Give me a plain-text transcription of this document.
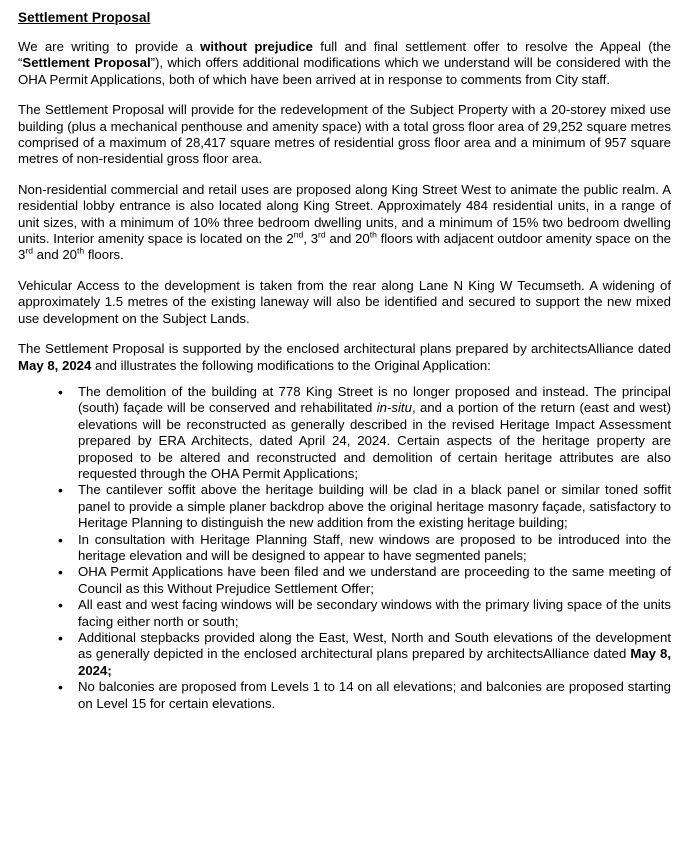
Settlement Proposal

We are writing to provide a without prejudice full and final settlement offer to resolve the Appeal (the “Settlement Proposal”), which offers additional modifications which we understand will be considered with the OHA Permit Applications, both of which have been arrived at in response to comments from City staff.

The Settlement Proposal will provide for the redevelopment of the Subject Property with a 20-storey mixed use building (plus a mechanical penthouse and amenity space) with a total gross floor area of 29,252 square metres comprised of a maximum of 28,417 square metres of residential gross floor area and a minimum of 957 square metres of non-residential gross floor area.

Non-residential commercial and retail uses are proposed along King Street West to animate the public realm. A residential lobby entrance is also located along King Street. Approximately 484 residential units, in a range of unit sizes, with a minimum of 10% three bedroom dwelling units, and a minimum of 15% two bedroom dwelling units. Interior amenity space is located on the 2nd, 3rd and 20th floors with adjacent outdoor amenity space on the 3rd and 20th floors.

Vehicular Access to the development is taken from the rear along Lane N King W Tecumseth. A widening of approximately 1.5 metres of the existing laneway will also be identified and secured to support the new mixed use development on the Subject Lands.

The Settlement Proposal is supported by the enclosed architectural plans prepared by architectsAlliance dated May 8, 2024 and illustrates the following modifications to the Original Application:

• The demolition of the building at 778 King Street is no longer proposed and instead. The principal (south) façade will be conserved and rehabilitated in-situ, and a portion of the return (east and west) elevations will be reconstructed as generally described in the revised Heritage Impact Assessment prepared by ERA Architects, dated April 24, 2024. Certain aspects of the heritage property are proposed to be altered and reconstructed and demolition of certain heritage attributes are also requested through the OHA Permit Applications;
• The cantilever soffit above the heritage building will be clad in a black panel or similar toned soffit panel to provide a simple planer backdrop above the original heritage masonry façade, satisfactory to Heritage Planning to distinguish the new addition from the existing heritage building;
• In consultation with Heritage Planning Staff, new windows are proposed to be introduced into the heritage elevation and will be designed to appear to have segmented panels;
• OHA Permit Applications have been filed and we understand are proceeding to the same meeting of Council as this Without Prejudice Settlement Offer;
• All east and west facing windows will be secondary windows with the primary living space of the units facing either north or south;
• Additional stepbacks provided along the East, West, North and South elevations of the development as generally depicted in the enclosed architectural plans prepared by architectsAlliance dated May 8, 2024;
• No balconies are proposed from Levels 1 to 14 on all elevations; and balconies are proposed starting on Level 15 for certain elevations.
